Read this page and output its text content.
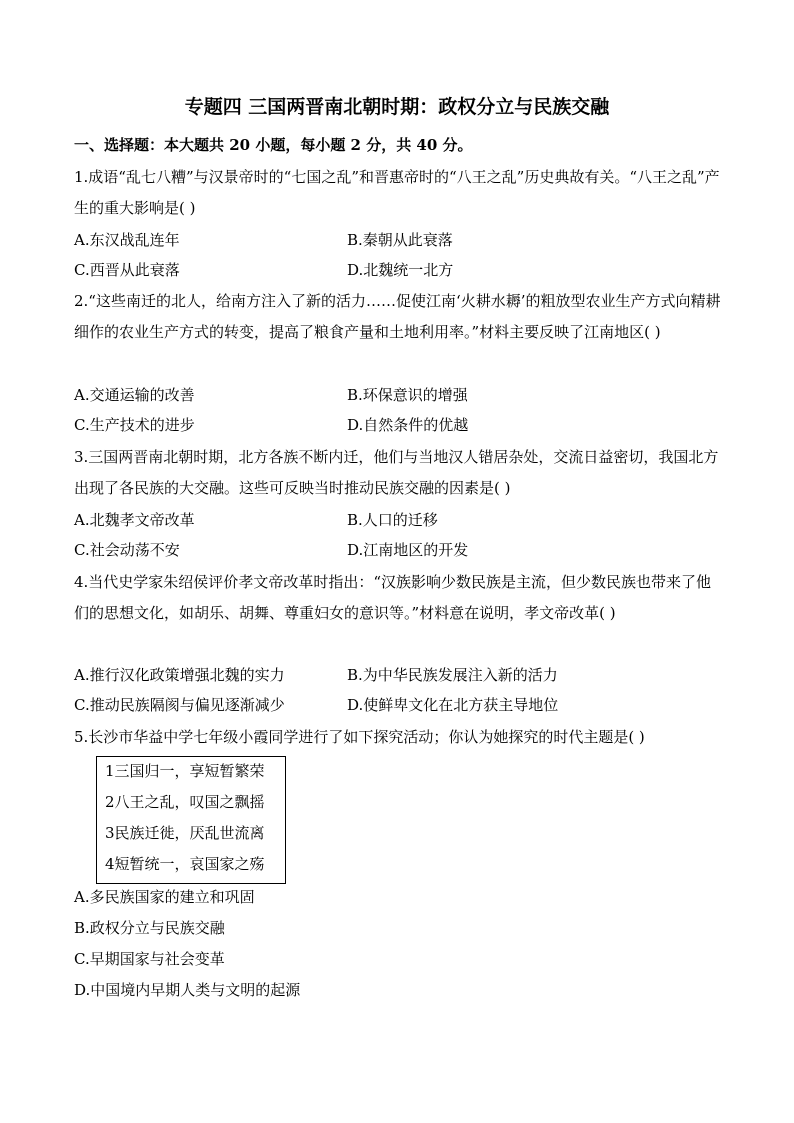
专题四 三国两晋南北朝时期：政权分立与民族交融
一、选择题：本大题共 20 小题，每小题 2 分，共 40 分。
1.成语“乱七八糟”与汉景帝时的“七国之乱”和晋惠帝时的“八王之乱”历史典故有关。“八王之乱”产生的重大影响是( )
A.东汉战乱连年	B.秦朝从此衰落
C.西晋从此衰落	D.北魏统一北方
2.“这些南迁的北人，给南方注入了新的活力……促使江南‘火耕水耨’的粗放型农业生产方式向精耕细作的农业生产方式的转变，提高了粮食产量和土地利用率。”材料主要反映了江南地区( )
A.交通运输的改善	B.环保意识的增强
C.生产技术的进步	D.自然条件的优越
3.三国两晋南北朝时期，北方各族不断内迁，他们与当地汉人错居杂处，交流日益密切，我国北方出现了各民族的大交融。这些可反映当时推动民族交融的因素是( )
A.北魏孝文帝改革	B.人口的迁移
C.社会动荡不安	D.江南地区的开发
4.当代史学家朱绍侯评价孝文帝改革时指出：“汉族影响少数民族是主流，但少数民族也带来了他们的思想文化，如胡乐、胡舞、尊重妇女的意识等。”材料意在说明，孝文帝改革( )
A.推行汉化政策增强北魏的实力	B.为中华民族发展注入新的活力
C.推动民族隔阂与偏见逐渐减少	D.使鲜卑文化在北方获主导地位
5.长沙市华益中学七年级小霞同学进行了如下探究活动；你认为她探究的时代主题是( )
1三国归一，享短暂繁荣
2八王之乱，叹国之飘摇
3民族迁徙，厌乱世流离
4短暂统一，哀国家之殇
A.多民族国家的建立和巩固
B.政权分立与民族交融
C.早期国家与社会变革
D.中国境内早期人类与文明的起源
